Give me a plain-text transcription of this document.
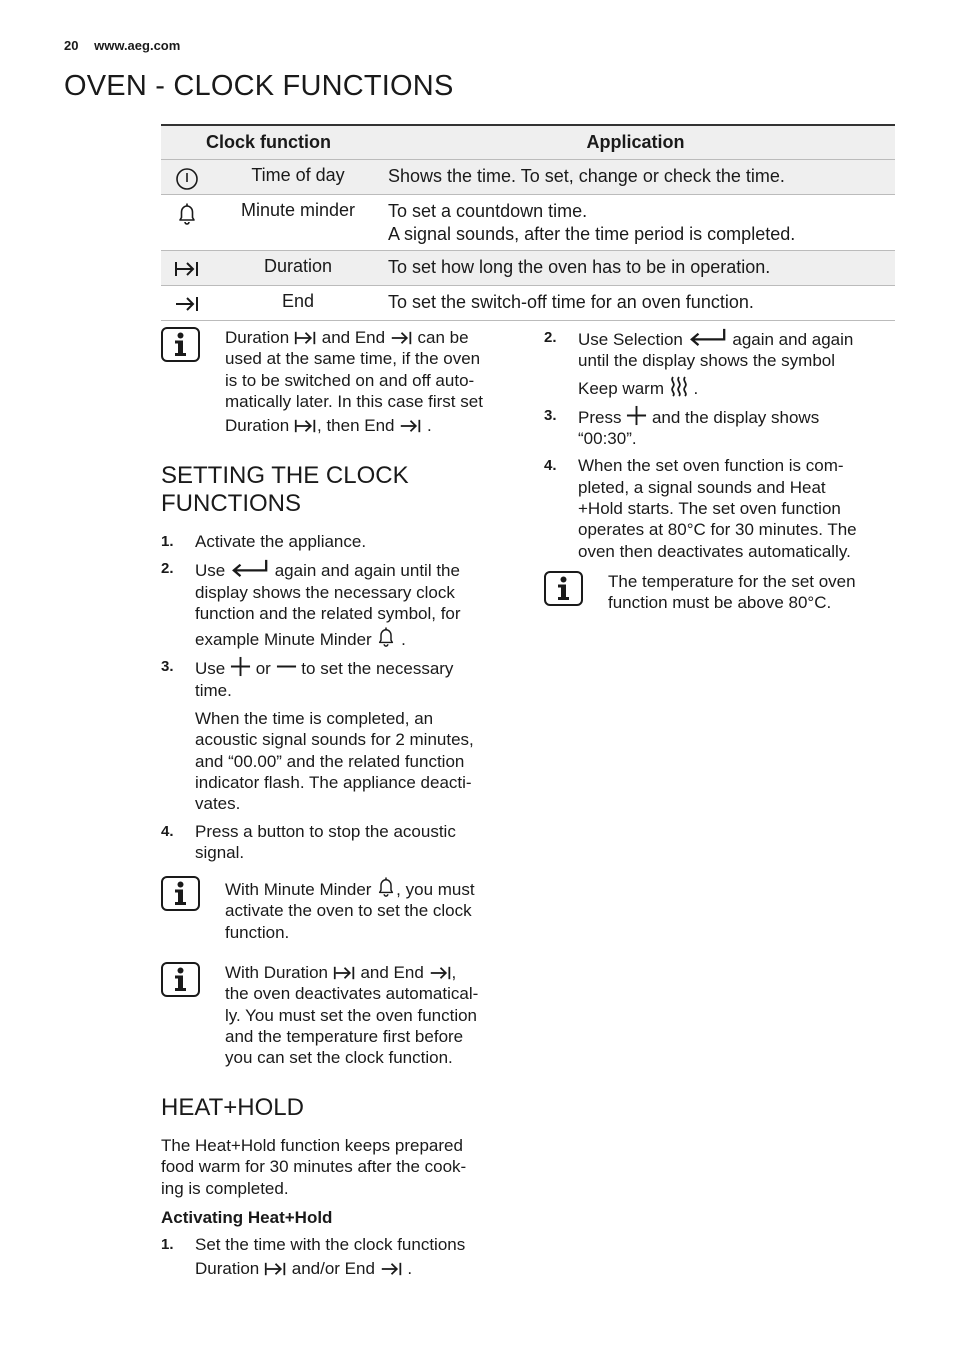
20 www.aeg.com
OVEN - CLOCK FUNCTIONS
Clock function	Application
Time of day	Shows the time. To set, change or check the time.
Minute minder	To set a countdown time.
A signal sounds, after the time period is completed.
Duration	To set how long the oven has to be in operation.
End	To set the switch-off time for an oven function.
Duration and End can be
used at the same time, if the oven
is to be switched on and off auto-
matically later. In this case first set
Duration , then End .
SETTING THE CLOCK
FUNCTIONS
1.	Activate the appliance.
2.	Use	again and again until the
display shows the necessary clock
function and the related symbol, for
example Minute Minder .
3.	Use or to set the necessary
time.
When the time is completed, an
acoustic signal sounds for 2 minutes,
and “00.00” and the related function
indicator flash. The appliance deacti-
vates.
4.	Press a button to stop the acoustic
signal.
With Minute Minder , you must
activate the oven to set the clock
function.
With Duration and End ,
the oven deactivates automatical-
ly. You must set the oven function
and the temperature first before
you can set the clock function.
HEAT+HOLD
The Heat+Hold function keeps prepared
food warm for 30 minutes after the cook-
ing is completed.
Activating Heat+Hold
1.	Set the time with the clock functions
Duration and/or End .
2.	Use Selection	again and again
until the display shows the symbol
Keep warm .
3.	Press and the display shows
“00:30”.
4.	When the set oven function is com-
pleted, a signal sounds and Heat
+Hold starts. The set oven function
operates at 80°C for 30 minutes. The
oven then deactivates automatically.
The temperature for the set oven
function must be above 80°C.
